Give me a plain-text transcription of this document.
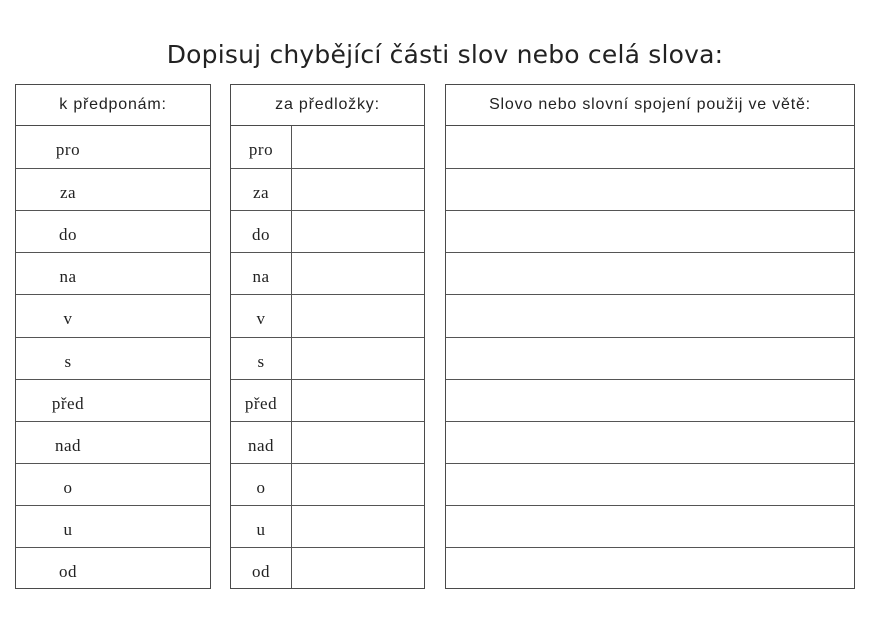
Dopisuj chybějící části slov nebo celá slova:
k předponám:
pro
za
do
na
v
s
před
nad
o
u
od
za předložky:
pro
za
do
na
v
s
před
nad
o
u
od
Slovo nebo slovní spojení použij ve větě:
